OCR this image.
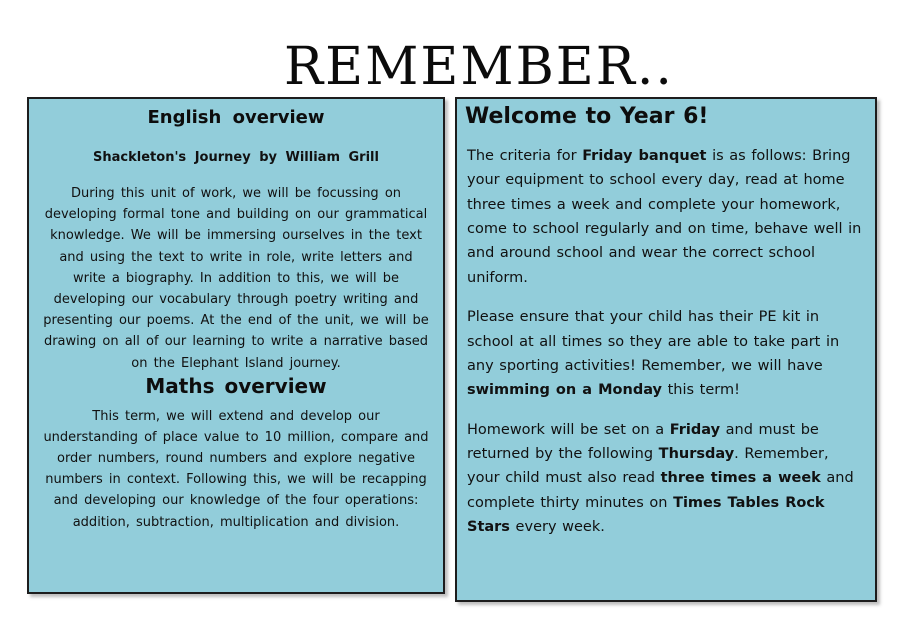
REMEMBER..
English overview
Shackleton's Journey by William Grill
During this unit of work, we will be focussing on developing formal tone and building on our grammatical knowledge. We will be immersing ourselves in the text and using the text to write in role, write letters and write a biography. In addition to this, we will be developing our vocabulary through poetry writing and presenting our poems. At the end of the unit, we will be drawing on all of our learning to write a narrative based on the Elephant Island journey.
Maths overview
This term, we will extend and develop our understanding of place value to 10 million, compare and order numbers, round numbers and explore negative numbers in context. Following this, we will be recapping and developing our knowledge of the four operations: addition, subtraction, multiplication and division.
Welcome to Year 6!

The criteria for Friday banquet is as follows: Bring your equipment to school every day, read at home three times a week and complete your homework, come to school regularly and on time, behave well in and around school and wear the correct school uniform.

Please ensure that your child has their PE kit in school at all times so they are able to take part in any sporting activities! Remember, we will have swimming on a Monday this term!

Homework will be set on a Friday and must be returned by the following Thursday. Remember, your child must also read three times a week and complete thirty minutes on Times Tables Rock Stars every week.
